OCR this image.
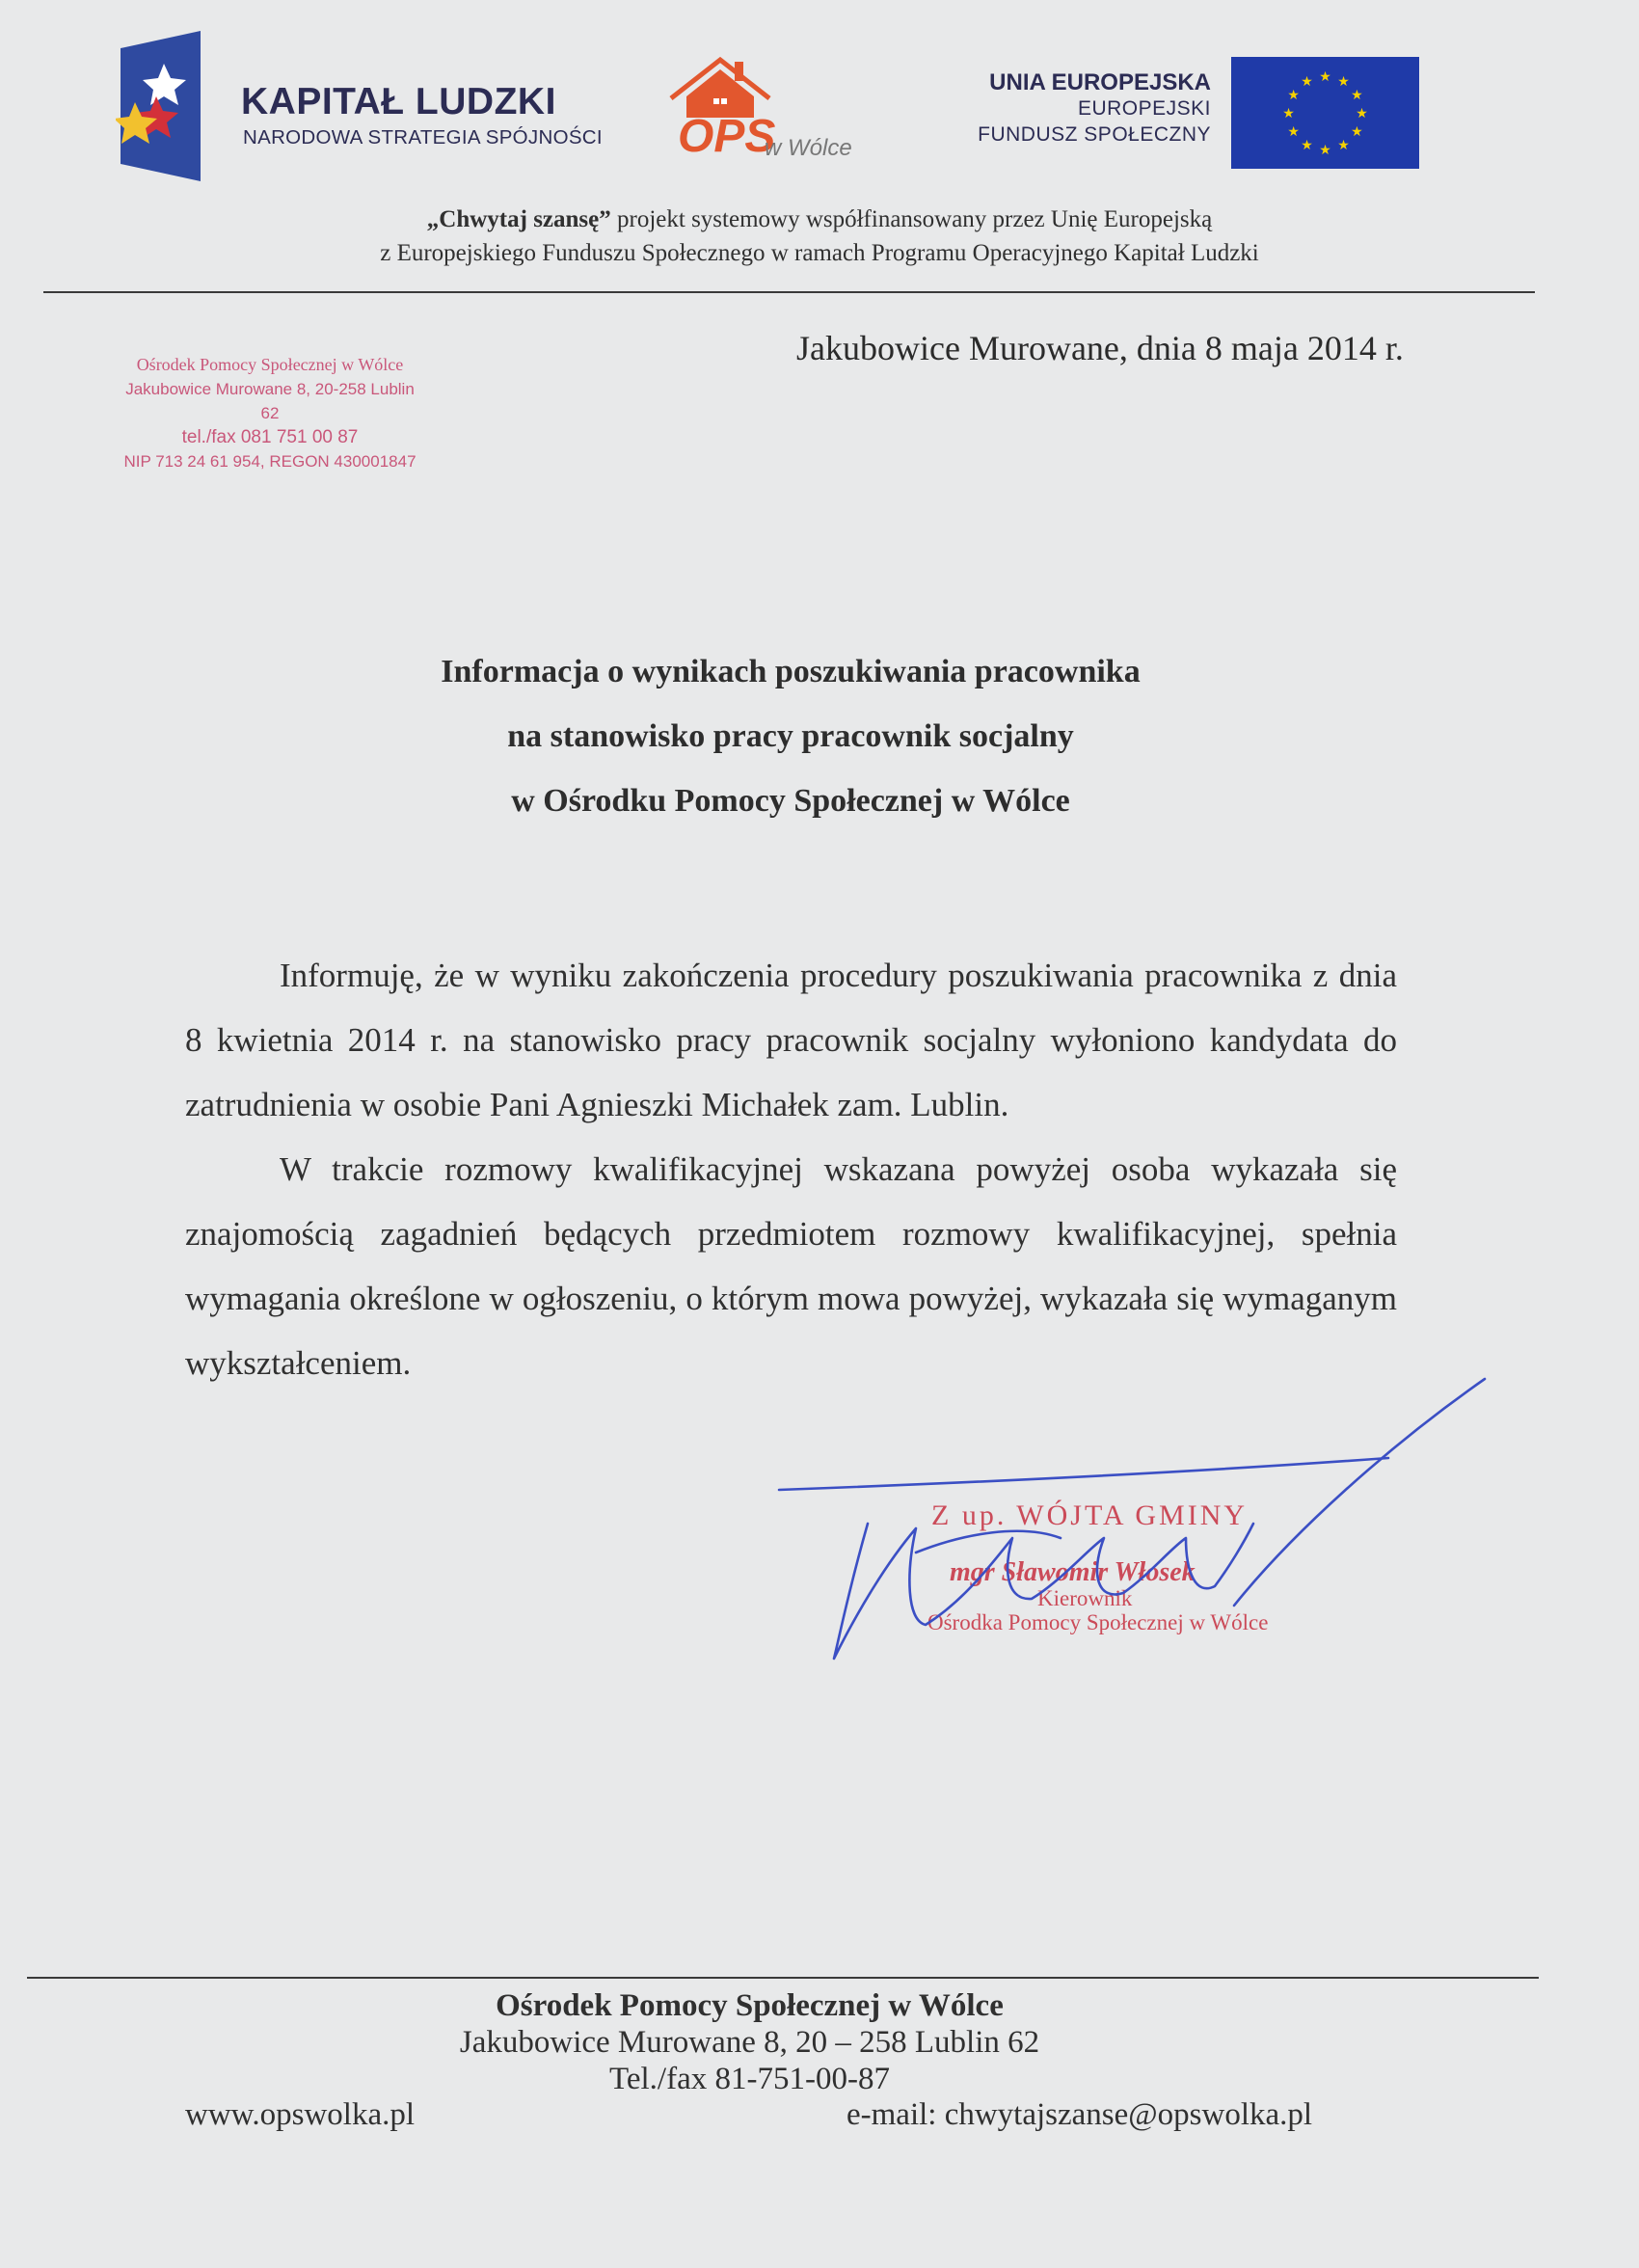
KAPITAŁ LUDZKI
NARODOWA STRATEGIA SPÓJNOŚCI OPS
w Wólce
UNIA EUROPEJSKA
EUROPEJSKI
FUNDUSZ SPOŁECZNY
★ ★
★
★
★
★
★
★
★
★
★
★
„Chwytaj szansę” projekt systemowy współfinansowany przez Unię Europejską
z Europejskiego Funduszu Społecznego w ramach Programu Operacyjnego Kapitał Ludzki
Ośrodek Pomocy Społecznej w Wólce
Jakubowice Murowane 8, 20-258 Lublin 62
tel./fax 081 751 00 87
NIP 713 24 61 954, REGON 430001847
Jakubowice Murowane, dnia 8 maja 2014 r.
Informacja o wynikach poszukiwania pracownika
na stanowisko pracy pracownik socjalny
w Ośrodku Pomocy Społecznej w Wólce

Informuję, że w wyniku zakończenia procedury poszukiwania pracownika z dnia 8 kwietnia 2014 r. na stanowisko pracy pracownik socjalny wyłoniono kandydata do zatrudnienia w osobie Pani Agnieszki Michałek zam. Lublin.

W trakcie rozmowy kwalifikacyjnej wskazana powyżej osoba wykazała się znajomością zagadnień będących przedmiotem rozmowy kwalifikacyjnej, spełnia wymagania określone w ogłoszeniu, o którym mowa powyżej, wykazała się wymaganym wykształceniem.

Z up. WÓJTA GMINY
mgr Sławomir Włosek
Kierownik
Ośrodka Pomocy Społecznej w Wólce
Ośrodek Pomocy Społecznej w Wólce
Jakubowice Murowane 8, 20 – 258 Lublin 62
Tel./fax 81-751-00-87
www.opswolka.pl	e-mail: chwytajszanse@opswolka.pl
